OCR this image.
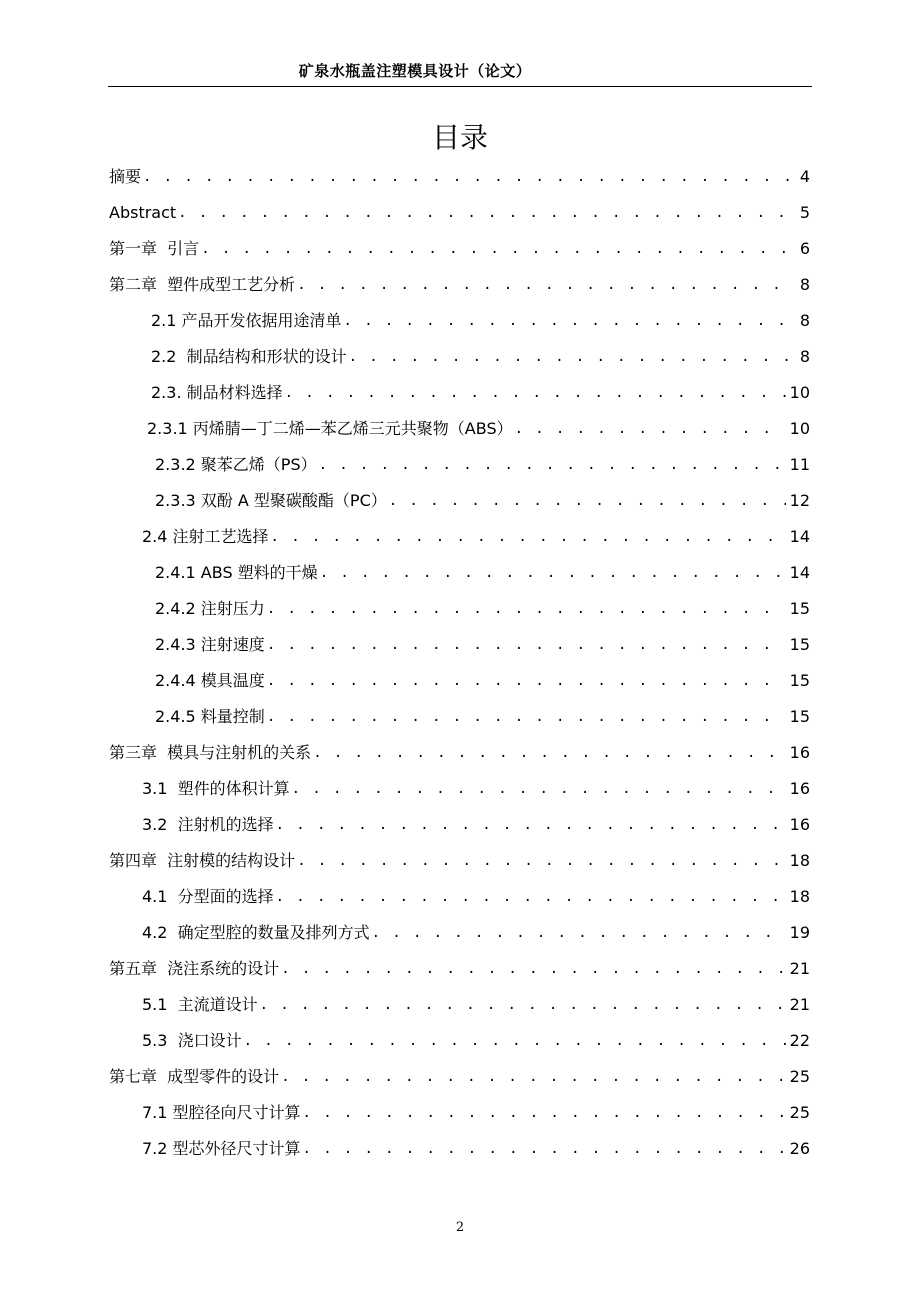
矿泉水瓶盖注塑模具设计（论文）
目录
摘要 . . .	4
Abstract . . .	5
第一章  引言 . . .	6
第二章  塑件成型工艺分析 . . .	8
2.1 产品开发依据用途清单 . . .	8
2.2  制品结构和形状的设计 . . .	8
2.3. 制品材料选择 . . .	10
2.3.1 丙烯腈—丁二烯—苯乙烯三元共聚物（ABS） . . .	10
2.3.2 聚苯乙烯（PS） . . .	11
2.3.3 双酚 A 型聚碳酸酯（PC） . . .	12
2.4 注射工艺选择 . . .	14
2.4.1 ABS 塑料的干燥 . . .	14
2.4.2 注射压力 . . .	15
2.4.3 注射速度 . . .	15
2.4.4 模具温度 . . .	15
2.4.5 料量控制 . . .	15
第三章  模具与注射机的关系 . . .	16
3.1  塑件的体积计算 . . .	16
3.2  注射机的选择 . . .	16
第四章  注射模的结构设计 . . .	18
4.1  分型面的选择 . . .	18
4.2  确定型腔的数量及排列方式 . . .	19
第五章  浇注系统的设计 . . .	21
5.1  主流道设计 . . .	21
5.3  浇口设计 . . .	22
第七章  成型零件的设计 . . .	25
7.1 型腔径向尺寸计算 . . .	25
7.2 型芯外径尺寸计算 . . .	26
2
